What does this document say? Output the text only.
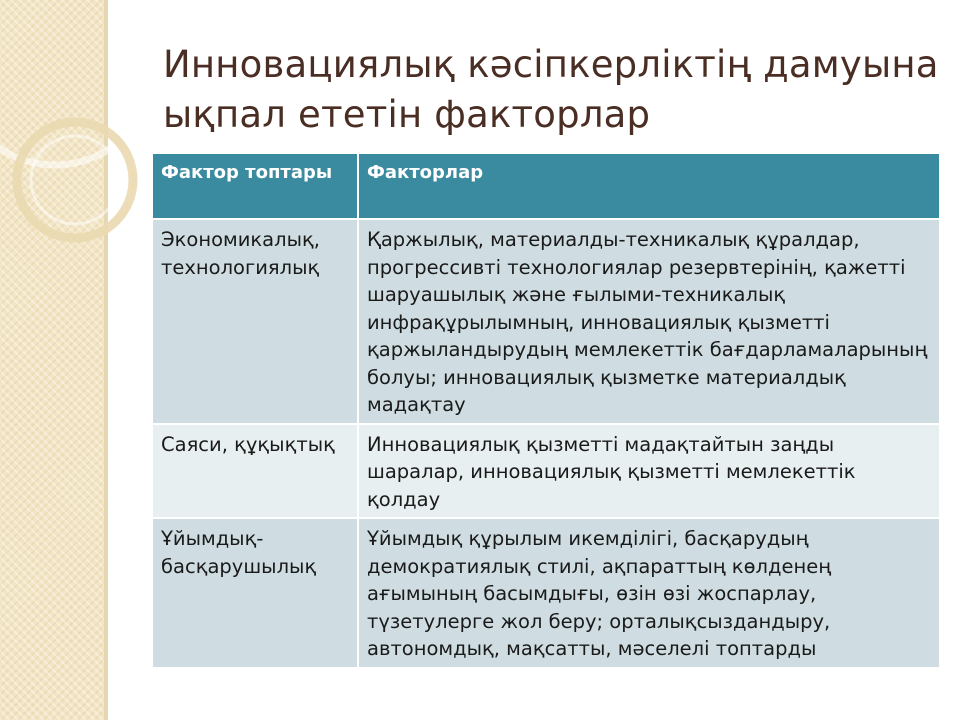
Инновациялық кәсіпкерліктің дамуына ықпал ететін факторлар
Фактор топтары	Факторлар
Экономикалық, технологиялық	Қаржылық, материалды-техникалық құралдар, прогрессивті технологиялар резервтерінің, қажетті шаруашылық және ғылыми-техникалық инфрақұрылымның, инновациялық қызметті қаржыландырудың мемлекеттік бағдарламаларының болуы; инновациялық қызметке материалдық мадақтау
Саяси, құқықтық	Инновациялық қызметті мадақтайтын заңды шаралар, инновациялық қызметті мемлекеттік қолдау
Ұйымдық-басқарушылық	Ұйымдық құрылым икемділігі, басқарудың демократиялық стилі, ақпараттың көлденең ағымының басымдығы, өзін өзі жоспарлау, түзетулерге жол беру; орталықсыздандыру, автономдық, мақсатты, мәселелі топтарды
